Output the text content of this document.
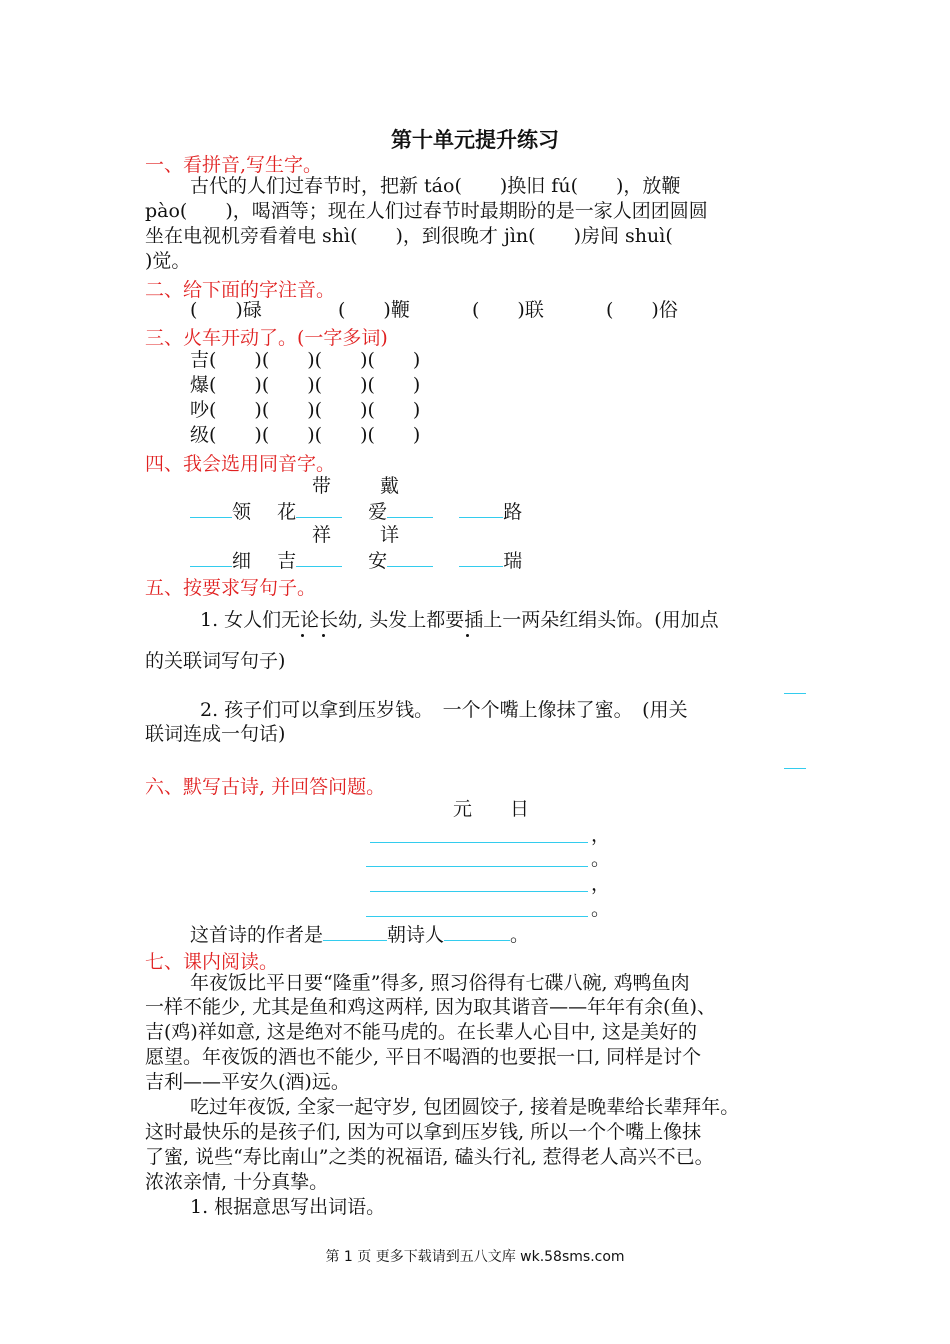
第十单元提升练习
一、看拼音,写生字。
古代的人们过春节时，把新 táo(　　)换旧 fú(　　)，放鞭
pào(　　)，喝酒等；现在人们过春节时最期盼的是一家人团团圆圆
坐在电视机旁看着电 shì(　　)，到很晚才 jìn(　　)房间 shuì(
)觉。
二、给下面的字注音。
(　　)碌	(　　)鞭	(　　)联	(　　)俗
三、火车开动了。(一字多词)
吉(　　)(　　)(　　)(　　)
爆(　　)(　　)(　　)(　　)
吵(　　)(　　)(　　)(　　)
级(　　)(　　)(　　)(　　)
四、我会选用同音字。
带	戴
领 花	爱	路
祥	详
细 吉	安	瑞
五、按要求写句子。
1. 女人们无论长幼, 头发上都要插上一两朵红绢头饰。(用加点
的关联词写句子)
2. 孩子们可以拿到压岁钱。　一个个嘴上像抹了蜜。　(用关
联词连成一句话)
六、默写古诗, 并回答问题。
元　　日
，
。
，
。
这首诗的作者是	朝诗人	。
七、课内阅读。
年夜饭比平日要“隆重”得多, 照习俗得有七碟八碗, 鸡鸭鱼肉
一样不能少, 尤其是鱼和鸡这两样, 因为取其谐音——年年有余(鱼)、
吉(鸡)祥如意, 这是绝对不能马虎的。在长辈人心目中, 这是美好的
愿望。年夜饭的酒也不能少, 平日不喝酒的也要抿一口, 同样是讨个
吉利——平安久(酒)远。
吃过年夜饭, 全家一起守岁, 包团圆饺子, 接着是晚辈给长辈拜年。
这时最快乐的是孩子们, 因为可以拿到压岁钱, 所以一个个嘴上像抹
了蜜, 说些“寿比南山”之类的祝福语, 磕头行礼, 惹得老人高兴不已。
浓浓亲情, 十分真挚。
1. 根据意思写出词语。
第 1 页 更多下载请到五八文库 wk.58sms.com
